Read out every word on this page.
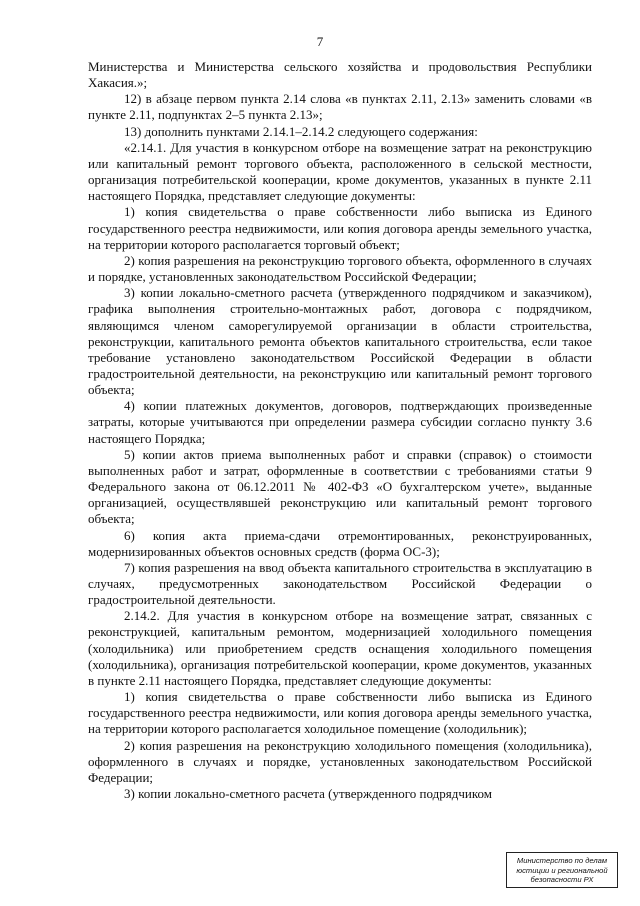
7

Министерства и Министерства сельского хозяйства и продовольствия Республики Хакасия.»;

12) в абзаце первом пункта 2.14 слова «в пунктах 2.11, 2.13» заменить словами «в пункте 2.11, подпунктах 2–5 пункта 2.13»;

13) дополнить пунктами 2.14.1–2.14.2 следующего содержания:

«2.14.1. Для участия в конкурсном отборе на возмещение затрат на реконструкцию или капитальный ремонт торгового объекта, расположенного в сельской местности, организация потребительской кооперации, кроме документов, указанных в пункте 2.11 настоящего Порядка, представляет следующие документы:

1) копия свидетельства о праве собственности либо выписка из Единого государственного реестра недвижимости, или копия договора аренды земельного участка, на территории которого располагается торговый объект;

2) копия разрешения на реконструкцию торгового объекта, оформленного в случаях и порядке, установленных законодательством Российской Федерации;

3) копии локально-сметного расчета (утвержденного подрядчиком и заказчиком), графика выполнения строительно-монтажных работ, договора с подрядчиком, являющимся членом саморегулируемой организации в области строительства, реконструкции, капитального ремонта объектов капитального строительства, если такое требование установлено законодательством Российской Федерации в области градостроительной деятельности, на реконструкцию или капитальный ремонт торгового объекта;

4) копии платежных документов, договоров, подтверждающих произведенные затраты, которые учитываются при определении размера субсидии согласно пункту 3.6 настоящего Порядка;

5) копии актов приема выполненных работ и справки (справок) о стоимости выполненных работ и затрат, оформленные в соответствии с требованиями статьи 9 Федерального закона от 06.12.2011 № 402-ФЗ «О бухгалтерском учете», выданные организацией, осуществлявшей реконструкцию или капитальный ремонт торгового объекта;

6) копия акта приема-сдачи отремонтированных, реконструированных, модернизированных объектов основных средств (форма ОС-3);

7) копия разрешения на ввод объекта капитального строительства в эксплуатацию в случаях, предусмотренных законодательством Российской Федерации о градостроительной деятельности.

2.14.2. Для участия в конкурсном отборе на возмещение затрат, связанных с реконструкцией, капитальным ремонтом, модернизацией холодильного помещения (холодильника) или приобретением средств оснащения холодильного помещения (холодильника), организация потребительской кооперации, кроме документов, указанных в пункте 2.11 настоящего Порядка, представляет следующие документы:

1) копия свидетельства о праве собственности либо выписка из Единого государственного реестра недвижимости, или копия договора аренды земельного участка, на территории которого располагается холодильное помещение (холодильник);

2) копия разрешения на реконструкцию холодильного помещения (холодильника), оформленного в случаях и порядке, установленных законодательством Российской Федерации;

3) копии локально-сметного расчета (утвержденного подрядчиком

Министерство по делам
юстиции и региональной
безопасности РХ
